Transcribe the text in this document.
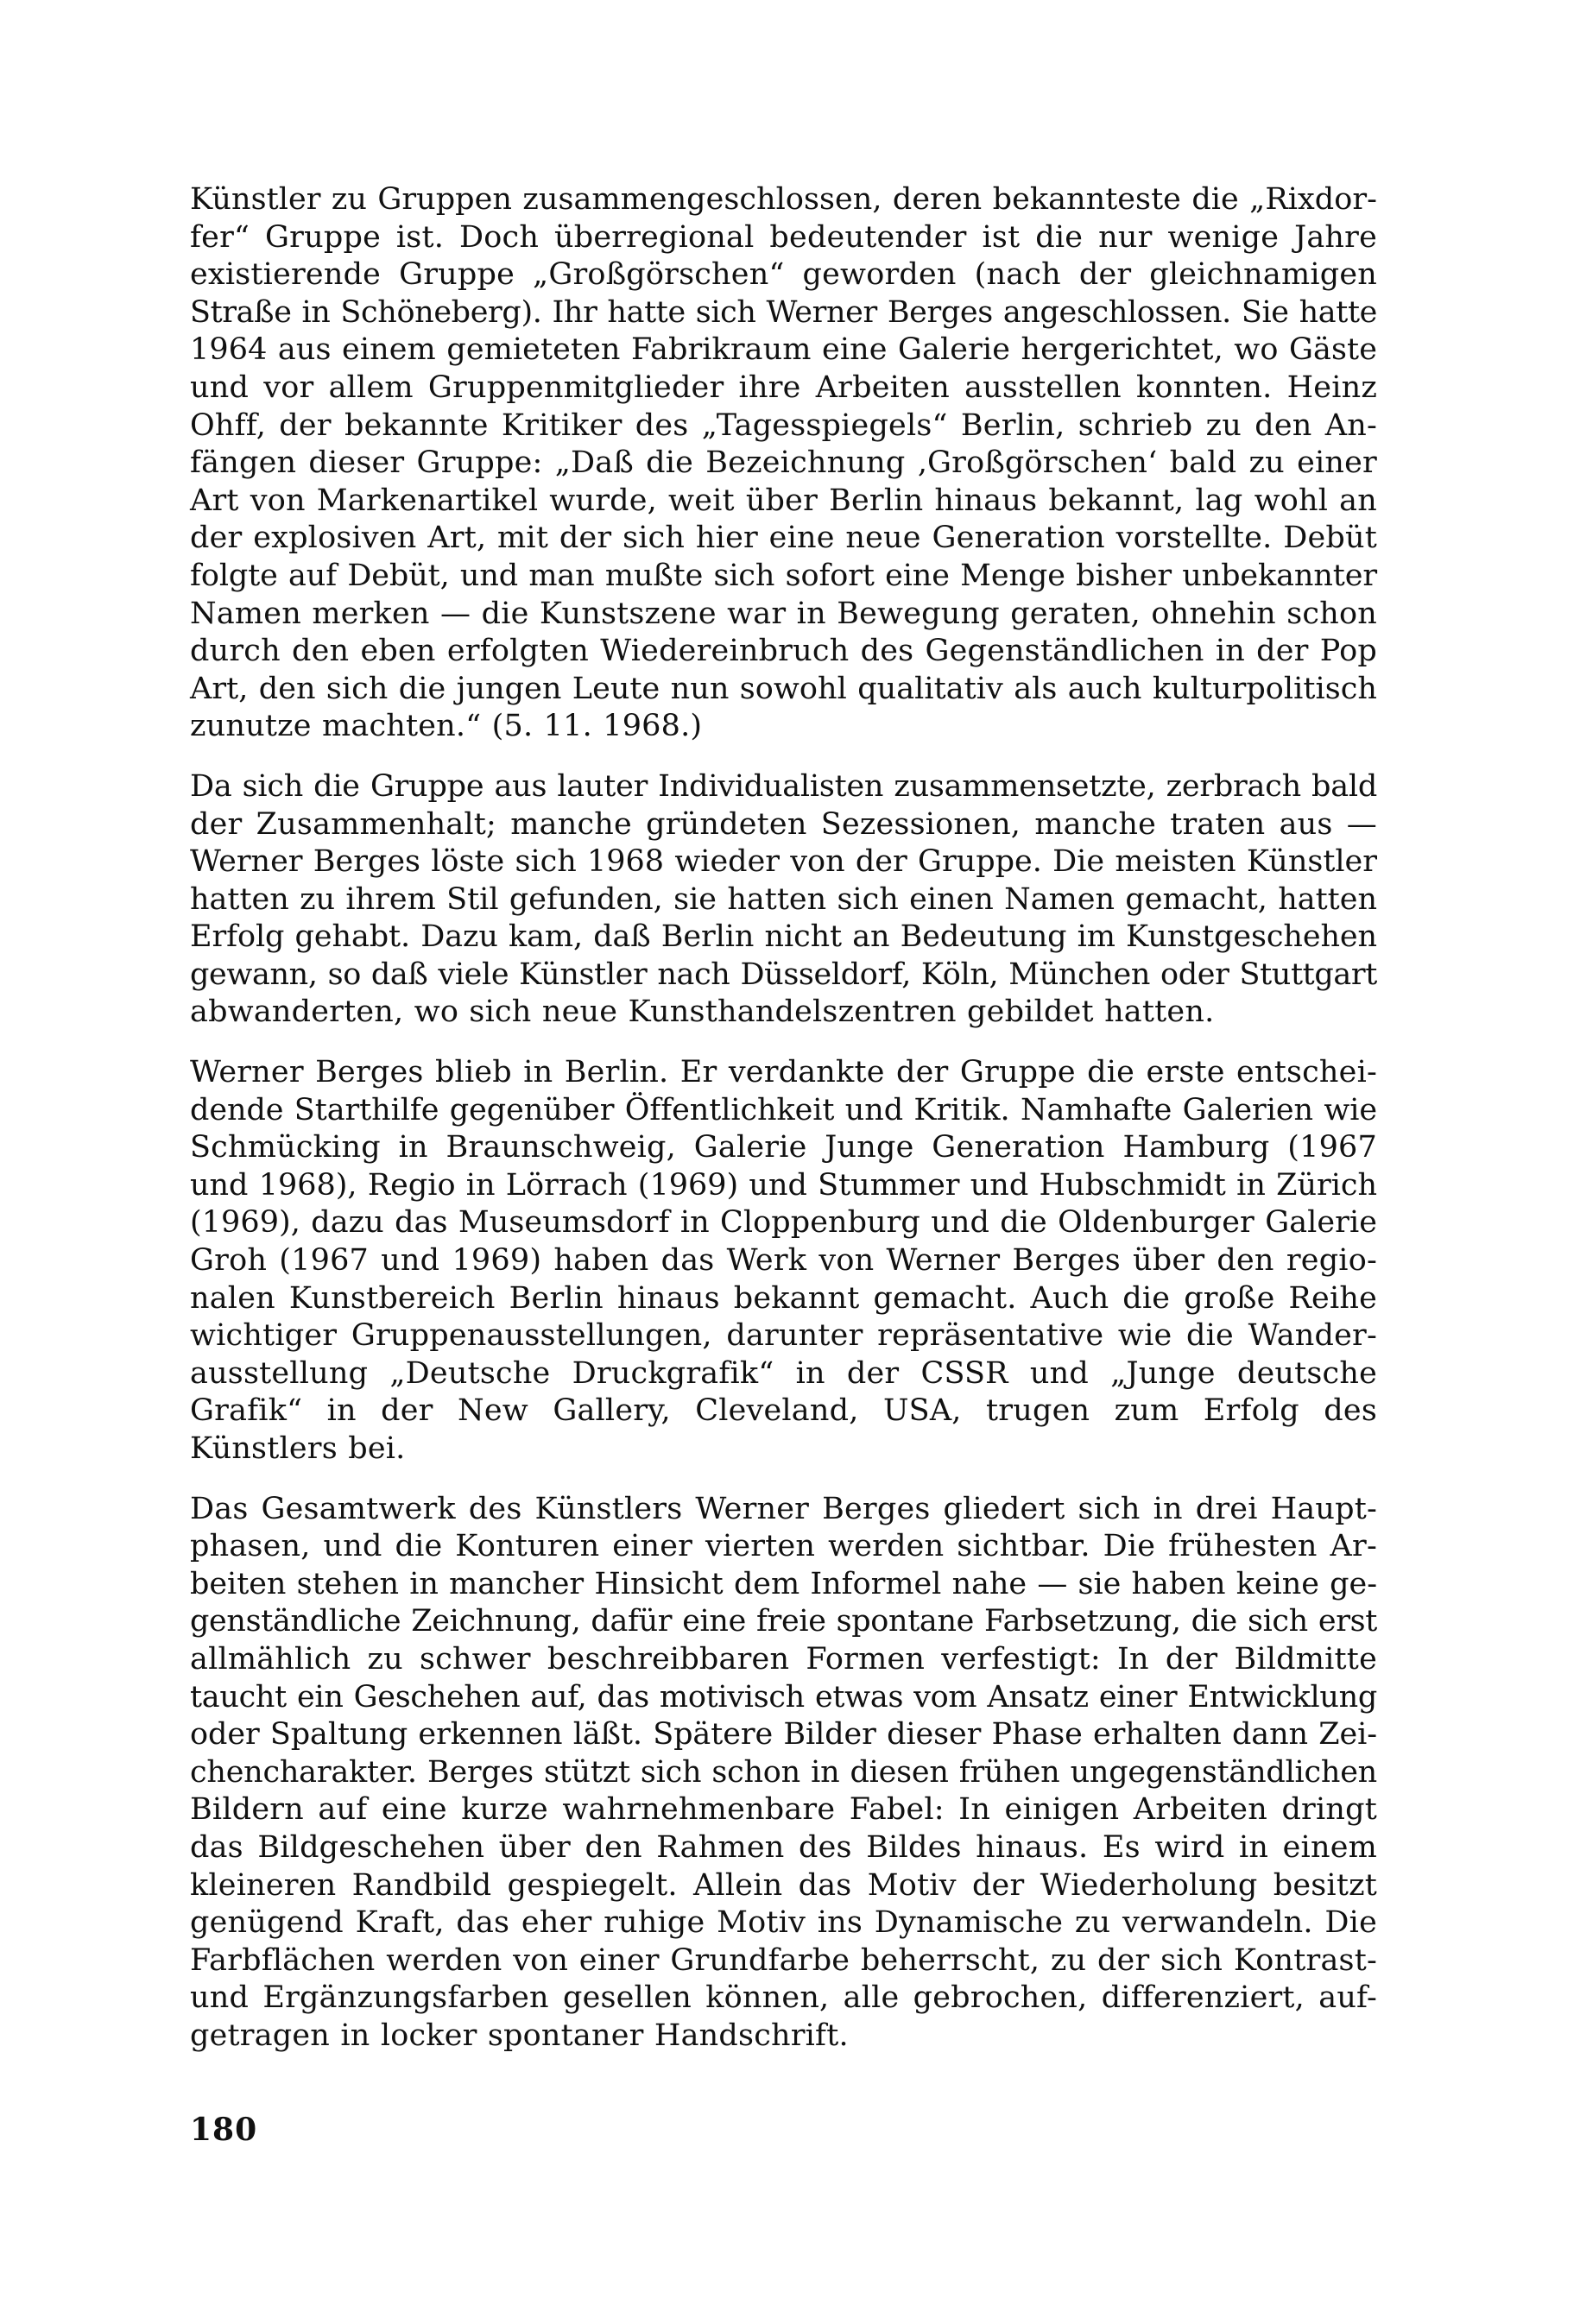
Künstler zu Gruppen zusammengeschlossen, deren bekannteste die „Rixdor-
fer“ Gruppe ist. Doch überregional bedeutender ist die nur wenige Jahre
existierende Gruppe „Großgörschen“ geworden (nach der gleichnamigen
Straße in Schöneberg). Ihr hatte sich Werner Berges angeschlossen. Sie hatte
1964 aus einem gemieteten Fabrikraum eine Galerie hergerichtet, wo Gäste
und vor allem Gruppenmitglieder ihre Arbeiten ausstellen konnten. Heinz
Ohff, der bekannte Kritiker des „Tagesspiegels“ Berlin, schrieb zu den An-
fängen dieser Gruppe: „Daß die Bezeichnung ‚Großgörschen‘ bald zu einer
Art von Markenartikel wurde, weit über Berlin hinaus bekannt, lag wohl an
der explosiven Art, mit der sich hier eine neue Generation vorstellte. Debüt
folgte auf Debüt, und man mußte sich sofort eine Menge bisher unbekannter
Namen merken — die Kunstszene war in Bewegung geraten, ohnehin schon
durch den eben erfolgten Wiedereinbruch des Gegenständlichen in der Pop
Art, den sich die jungen Leute nun sowohl qualitativ als auch kulturpolitisch
zunutze machten.“ (5. 11. 1968.)
Da sich die Gruppe aus lauter Individualisten zusammensetzte, zerbrach bald
der Zusammenhalt; manche gründeten Sezessionen, manche traten aus —
Werner Berges löste sich 1968 wieder von der Gruppe. Die meisten Künstler
hatten zu ihrem Stil gefunden, sie hatten sich einen Namen gemacht, hatten
Erfolg gehabt. Dazu kam, daß Berlin nicht an Bedeutung im Kunstgeschehen
gewann, so daß viele Künstler nach Düsseldorf, Köln, München oder Stuttgart
abwanderten, wo sich neue Kunsthandelszentren gebildet hatten.
Werner Berges blieb in Berlin. Er verdankte der Gruppe die erste entschei-
dende Starthilfe gegenüber Öffentlichkeit und Kritik. Namhafte Galerien wie
Schmücking in Braunschweig, Galerie Junge Generation Hamburg (1967
und 1968), Regio in Lörrach (1969) und Stummer und Hubschmidt in Zürich
(1969), dazu das Museumsdorf in Cloppenburg und die Oldenburger Galerie
Groh (1967 und 1969) haben das Werk von Werner Berges über den regio-
nalen Kunstbereich Berlin hinaus bekannt gemacht. Auch die große Reihe
wichtiger Gruppenausstellungen, darunter repräsentative wie die Wander-
ausstellung „Deutsche Druckgrafik“ in der CSSR und „Junge deutsche
Grafik“ in der New Gallery, Cleveland, USA, trugen zum Erfolg des
Künstlers bei.
Das Gesamtwerk des Künstlers Werner Berges gliedert sich in drei Haupt-
phasen, und die Konturen einer vierten werden sichtbar. Die frühesten Ar-
beiten stehen in mancher Hinsicht dem Informel nahe — sie haben keine ge-
genständliche Zeichnung, dafür eine freie spontane Farbsetzung, die sich erst
allmählich zu schwer beschreibbaren Formen verfestigt: In der Bildmitte
taucht ein Geschehen auf, das motivisch etwas vom Ansatz einer Entwicklung
oder Spaltung erkennen läßt. Spätere Bilder dieser Phase erhalten dann Zei-
chencharakter. Berges stützt sich schon in diesen frühen ungegenständlichen
Bildern auf eine kurze wahrnehmenbare Fabel: In einigen Arbeiten dringt
das Bildgeschehen über den Rahmen des Bildes hinaus. Es wird in einem
kleineren Randbild gespiegelt. Allein das Motiv der Wiederholung besitzt
genügend Kraft, das eher ruhige Motiv ins Dynamische zu verwandeln. Die
Farbflächen werden von einer Grundfarbe beherrscht, zu der sich Kontrast-
und Ergänzungsfarben gesellen können, alle gebrochen, differenziert, auf-
getragen in locker spontaner Handschrift.
180
